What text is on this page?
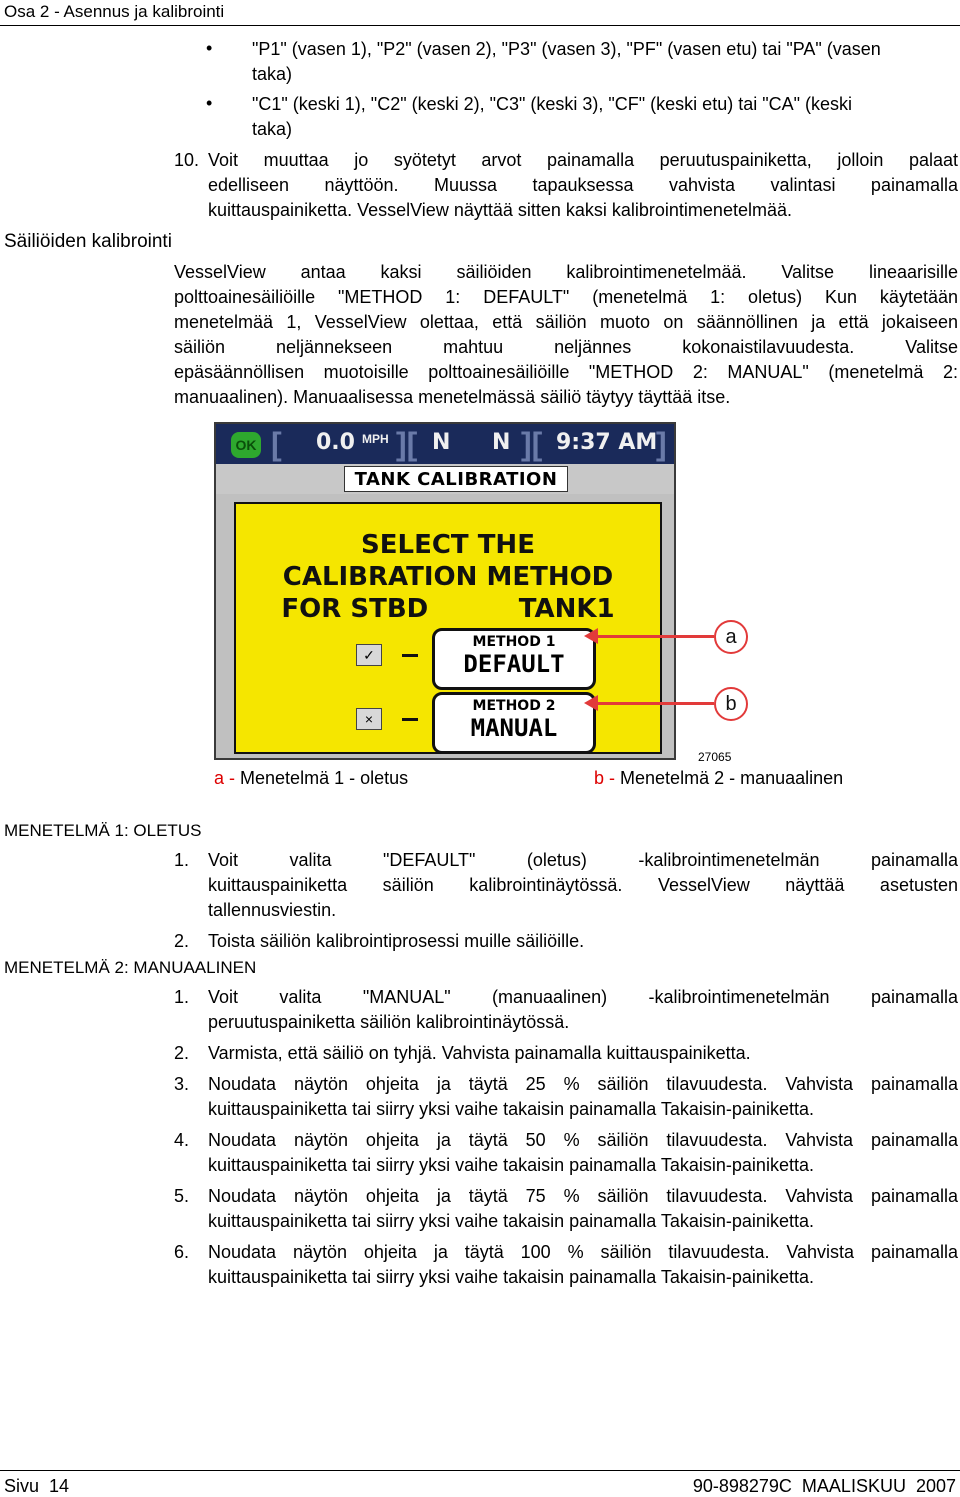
Osa 2 - Asennus ja kalibrointi
• "P1" (vasen 1), "P2" (vasen 2), "P3" (vasen 3), "PF" (vasen etu) tai "PA" (vasen
taka)
• "C1" (keski 1), "C2" (keski 2), "C3" (keski 3), "CF" (keski etu) tai "CA" (keski
taka)
10. Voit muuttaa jo syötetyt arvot painamalla peruutuspainiketta, jolloin palaat
edelliseen näyttöön. Muussa tapauksessa vahvista valintasi painamalla
kuittauspainiketta. VesselView näyttää sitten kaksi kalibrointimenetelmää.
Säiliöiden kalibrointi
VesselView antaa kaksi säiliöiden kalibrointimenetelmää. Valitse lineaarisille
polttoainesäiliöille "METHOD 1: DEFAULT" (menetelmä 1: oletus) Kun käytetään
menetelmää 1, VesselView olettaa, että säiliön muoto on säännöllinen ja että jokaiseen
säiliön neljännekseen mahtuu neljännes kokonaistilavuudesta. Valitse
epäsäännöllisen muotoisille polttoainesäiliöille "METHOD 2: MANUAL" (menetelmä 2:
manuaalinen). Manuaalisessa menetelmässä säiliö täytyy täyttää itse.
OK [ 0.0 MPH ][ N N ][ 9:37 AM
]
TANK CALIBRATION
SELECT THE
CALIBRATION METHOD
FOR STBD          TANK1
✓
METHOD 1
DEFAULT
×
METHOD 2
MANUAL
a
b
27065
a - Menetelmä 1 - oletus	b - Menetelmä 2 - manuaalinen
MENETELMÄ 1: OLETUS
1. Voit valita "DEFAULT" (oletus) -kalibrointimenetelmän painamalla
kuittauspainiketta säiliön kalibrointinäytössä. VesselView näyttää asetusten
tallennusviestin.
2. Toista säiliön kalibrointiprosessi muille säiliöille.
MENETELMÄ 2: MANUAALINEN
1. Voit valita "MANUAL" (manuaalinen) -kalibrointimenetelmän painamalla
peruutuspainiketta säiliön kalibrointinäytössä.
2. Varmista, että säiliö on tyhjä. Vahvista painamalla kuittauspainiketta.
3. Noudata näytön ohjeita ja täytä 25 % säiliön tilavuudesta. Vahvista painamalla
kuittauspainiketta tai siirry yksi vaihe takaisin painamalla Takaisin-painiketta.
4. Noudata näytön ohjeita ja täytä 50 % säiliön tilavuudesta. Vahvista painamalla
kuittauspainiketta tai siirry yksi vaihe takaisin painamalla Takaisin-painiketta.
5. Noudata näytön ohjeita ja täytä 75 % säiliön tilavuudesta. Vahvista painamalla
kuittauspainiketta tai siirry yksi vaihe takaisin painamalla Takaisin-painiketta.
6. Noudata näytön ohjeita ja täytä 100 % säiliön tilavuudesta. Vahvista painamalla
kuittauspainiketta tai siirry yksi vaihe takaisin painamalla Takaisin-painiketta.
Sivu  14	90-898279C  MAALISKUU  2007
